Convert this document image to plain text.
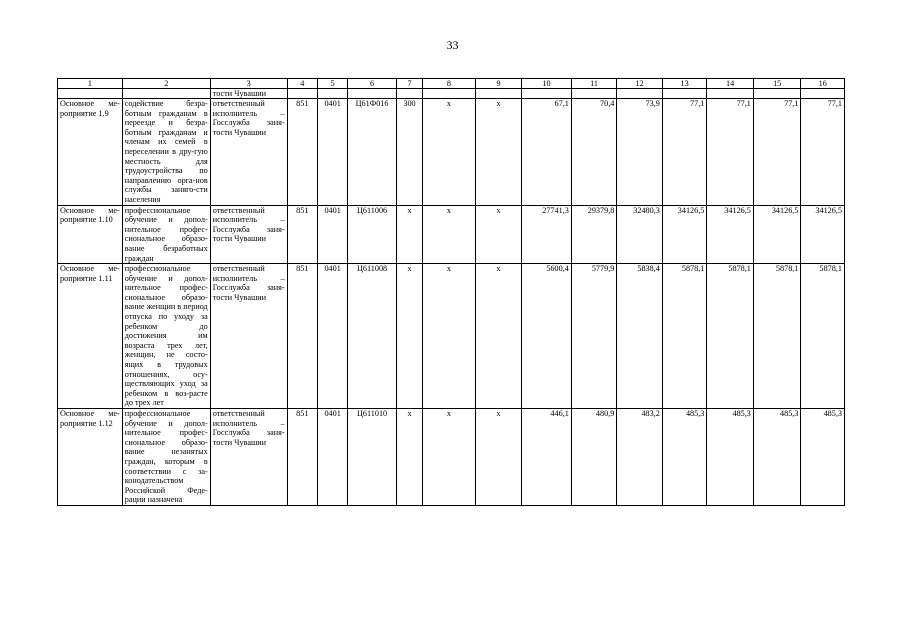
33
1	2	3	4	5	6	7	8	9	10	11	12	13	14	15	16
		тости Чувашии													
Основное ме-роприятие 1.9	содействие безра-ботным гражданам в переезде и безра-ботным гражданам и членам их семей в переселении в дру-гую местность для трудоустройства по направлению орга-нов службы заняго-сти населения	ответственный исполнитель – Госслужба заня-тости Чувашии	851	0401	Ц61Ф016	300	x	x	67,1	70,4	73,9	77,1	77,1	77,1	77,1
Основное ме-роприятие 1.10	профессиональное обучение и допол-нительное профес-сиональное образо-вание безработных граждан	ответственный исполнитель – Госслужба заня-тости Чувашии	851	0401	Ц611006	x	x	x	27741,3	29379,8	32480,3	34126,5	34126,5	34126,5	34126,5
Основное ме-роприятие 1.11	профессиональное обучение и допол-нительное профес-сиональное образо-вание женщин в период отпуска по уходу за ребенком до достижения им возраста трех лет, женщин, не состо-ящих в трудовых отношениях, осу-ществляющих уход за ребенком в воз-расте до трех лет	ответственный исполнитель – Госслужба заня-тости Чувашии	851	0401	Ц611008	x	x	x	5600,4	5779,9	5838,4	5878,1	5878,1	5878,1	5878,1
Основное ме-роприятие 1.12	профессиональное обучение и допол-нительное профес-сиональное образо-вание незанятых граждан, которым в соответствии с за-конодательством Российской Феде-рации назначена	ответственный исполнитель – Госслужба заня-тости Чувашии	851	0401	Ц611010	x	x	x	446,1	480,9	483,2	485,3	485,3	485,3	485,3
